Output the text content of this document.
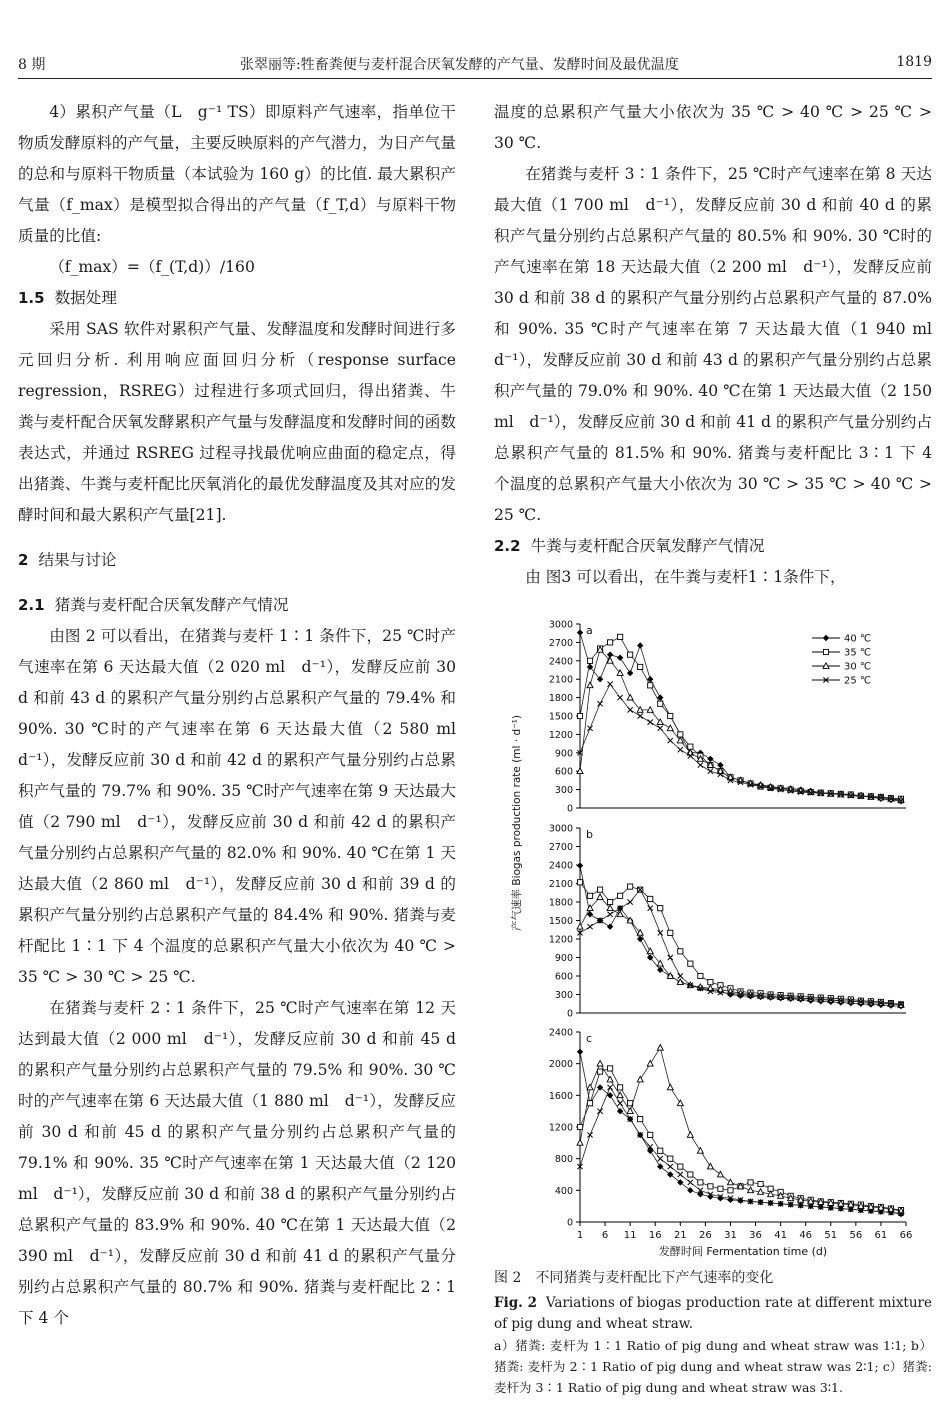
8 期	张翠丽等:牲畜粪便与麦杆混合厌氧发酵的产气量、发酵时间及最优温度	1819

4）累积产气量（L　g⁻¹ TS）即原料产气速率，指单位干物质发酵原料的产气量，主要反映原料的产气潜力，为日产气量的总和与原料干物质量（本试验为 160 g）的比值. 最大累积产气量（f_max）是模型拟合得出的产气量（f_T,d）与原料干物质量的比值:

（f_max）=（f_(T,d)）/160

1.5 数据处理

采用 SAS 软件对累积产气量、发酵温度和发酵时间进行多元回归分析. 利用响应面回归分析（response surface regression，RSREG）过程进行多项式回归，得出猪粪、牛粪与麦杆配合厌氧发酵累积产气量与发酵温度和发酵时间的函数表达式，并通过 RSREG 过程寻找最优响应曲面的稳定点，得出猪粪、牛粪与麦杆配比厌氧消化的最优发酵温度及其对应的发酵时间和最大累积产气量[21].

2 结果与讨论

2.1 猪粪与麦杆配合厌氧发酵产气情况

由图 2 可以看出，在猪粪与麦杆 1∶1 条件下，25 ℃时产气速率在第 6 天达最大值（2 020 ml　d⁻¹），发酵反应前 30 d 和前 43 d 的累积产气量分别约占总累积产气量的 79.4% 和 90%. 30 ℃时的产气速率在第 6 天达最大值（2 580 ml　d⁻¹），发酵反应前 30 d 和前 42 d 的累积产气量分别约占总累积产气量的 79.7% 和 90%. 35 ℃时产气速率在第 9 天达最大值（2 790 ml　d⁻¹），发酵反应前 30 d 和前 42 d 的累积产气量分别约占总累积产气量的 82.0% 和 90%. 40 ℃在第 1 天达最大值（2 860 ml　d⁻¹），发酵反应前 30 d 和前 39 d 的累积产气量分别约占总累积产气量的 84.4% 和 90%. 猪粪与麦杆配比 1∶1 下 4 个温度的总累积产气量大小依次为 40 ℃ > 35 ℃ > 30 ℃ > 25 ℃.

在猪粪与麦杆 2∶1 条件下，25 ℃时产气速率在第 12 天达到最大值（2 000 ml　d⁻¹），发酵反应前 30 d 和前 45 d 的累积产气量分别约占总累积产气量的 79.5% 和 90%. 30 ℃时的产气速率在第 6 天达最大值（1 880 ml　d⁻¹），发酵反应前 30 d 和前 45 d 的累积产气量分别约占总累积产气量的 79.1% 和 90%. 35 ℃时产气速率在第 1 天达最大值（2 120 ml　d⁻¹），发酵反应前 30 d 和前 38 d 的累积产气量分别约占总累积产气量的 83.9% 和 90%. 40 ℃在第 1 天达最大值（2 390 ml　d⁻¹），发酵反应前 30 d 和前 41 d 的累积产气量分别约占总累积产气量的 80.7% 和 90%. 猪粪与麦杆配比 2∶1 下 4 个

温度的总累积产气量大小依次为 35 ℃ > 40 ℃ > 25 ℃ > 30 ℃.

在猪粪与麦杆 3∶1 条件下，25 ℃时产气速率在第 8 天达最大值（1 700 ml　d⁻¹），发酵反应前 30 d 和前 40 d 的累积产气量分别约占总累积产气量的 80.5% 和 90%. 30 ℃时的产气速率在第 18 天达最大值（2 200 ml　d⁻¹），发酵反应前 30 d 和前 38 d 的累积产气量分别约占总累积产气量的 87.0% 和 90%. 35 ℃时产气速率在第 7 天达最大值（1 940 ml　d⁻¹），发酵反应前 30 d 和前 43 d 的累积产气量分别约占总累积产气量的 79.0% 和 90%. 40 ℃在第 1 天达最大值（2 150 ml　d⁻¹），发酵反应前 30 d 和前 41 d 的累积产气量分别约占总累积产气量的 81.5% 和 90%. 猪粪与麦杆配比 3∶1 下 4 个温度的总累积产气量大小依次为 30 ℃ > 35 ℃ > 40 ℃ > 25 ℃.

2.2 牛粪与麦杆配合厌氧发酵产气情况

由 图3 可以看出，在牛粪与麦杆1∶1条件下，

产气速率 Biogas production rate (ml · d⁻¹)	0
300
600
900
1200
1500
1800
2100
2400
2700
3000 a
40 ℃
35 ℃
30 ℃
25 ℃
0
300
600
900
1200
1500
1800
2100
2400
2700
3000 b
0
400
800
1200
1600
2000
2400
1 6 11 16 21 26 31 36 41 46 51 56 61 66
发酵时间 Fermentation time (d)
c

图 2　不同猪粪与麦杆配比下产气速率的变化

Fig. 2 Variations of biogas production rate at different mixture of pig dung and wheat straw.

a）猪粪: 麦杆为 1∶1 Ratio of pig dung and wheat straw was 1∶1; b）猪粪: 麦杆为 2∶1 Ratio of pig dung and wheat straw was 2∶1; c）猪粪: 麦杆为 3∶1 Ratio of pig dung and wheat straw was 3∶1.
